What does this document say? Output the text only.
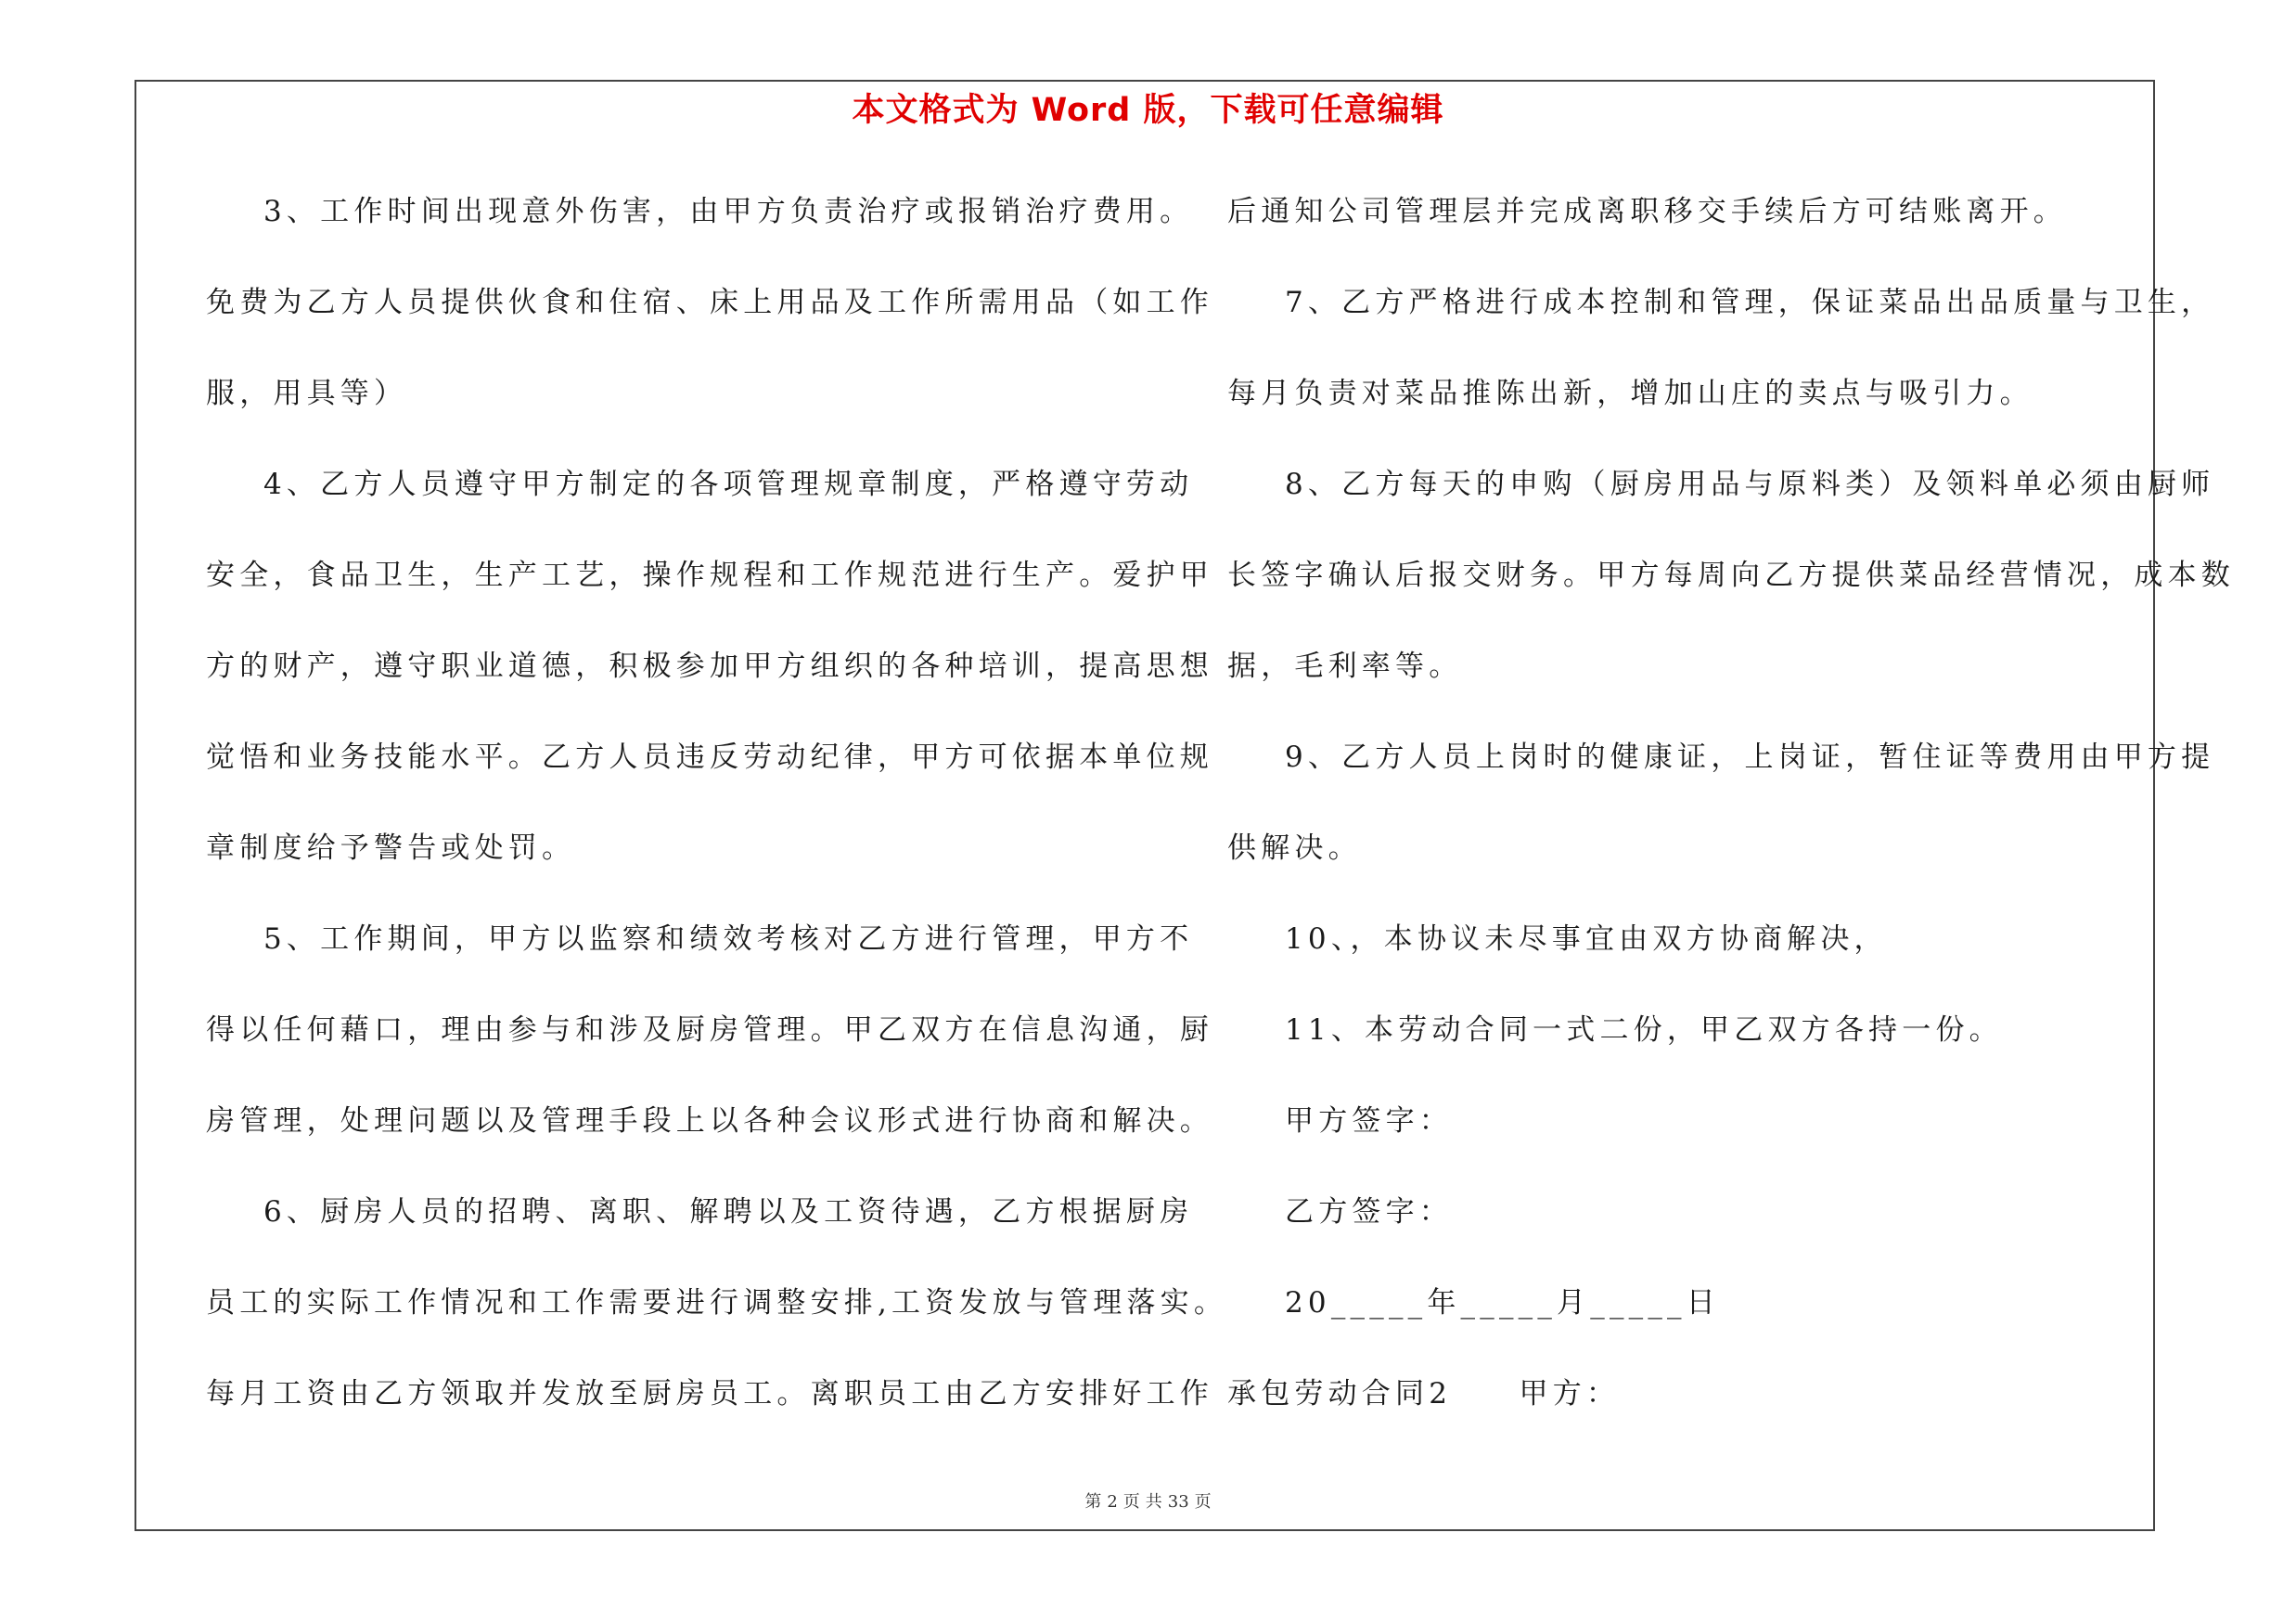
本文格式为 Word 版，下载可任意编辑
3、工作时间出现意外伤害，由甲方负责治疗或报销治疗费用。
免费为乙方人员提供伙食和住宿、床上用品及工作所需用品（如工作
服，用具等）
4、乙方人员遵守甲方制定的各项管理规章制度，严格遵守劳动
安全，食品卫生，生产工艺，操作规程和工作规范进行生产。爱护甲
方的财产，遵守职业道德，积极参加甲方组织的各种培训，提高思想
觉悟和业务技能水平。乙方人员违反劳动纪律，甲方可依据本单位规
章制度给予警告或处罚。
5、工作期间，甲方以监察和绩效考核对乙方进行管理，甲方不
得以任何藉口，理由参与和涉及厨房管理。甲乙双方在信息沟通，厨
房管理，处理问题以及管理手段上以各种会议形式进行协商和解决。
6、厨房人员的招聘、离职、解聘以及工资待遇，乙方根据厨房
员工的实际工作情况和工作需要进行调整安排,工资发放与管理落实。
每月工资由乙方领取并发放至厨房员工。离职员工由乙方安排好工作
后通知公司管理层并完成离职移交手续后方可结账离开。
7、乙方严格进行成本控制和管理，保证菜品出品质量与卫生，
每月负责对菜品推陈出新，增加山庄的卖点与吸引力。
8、乙方每天的申购（厨房用品与原料类）及领料单必须由厨师
长签字确认后报交财务。甲方每周向乙方提供菜品经营情况，成本数
据，毛利率等。
9、乙方人员上岗时的健康证，上岗证，暂住证等费用由甲方提
供解决。
10、，本协议未尽事宜由双方协商解决，
11、本劳动合同一式二份，甲乙双方各持一份。
甲方签字：
乙方签字：
20_____年_____月_____日
承包劳动合同2　　甲方：
第 2 页 共 33 页
